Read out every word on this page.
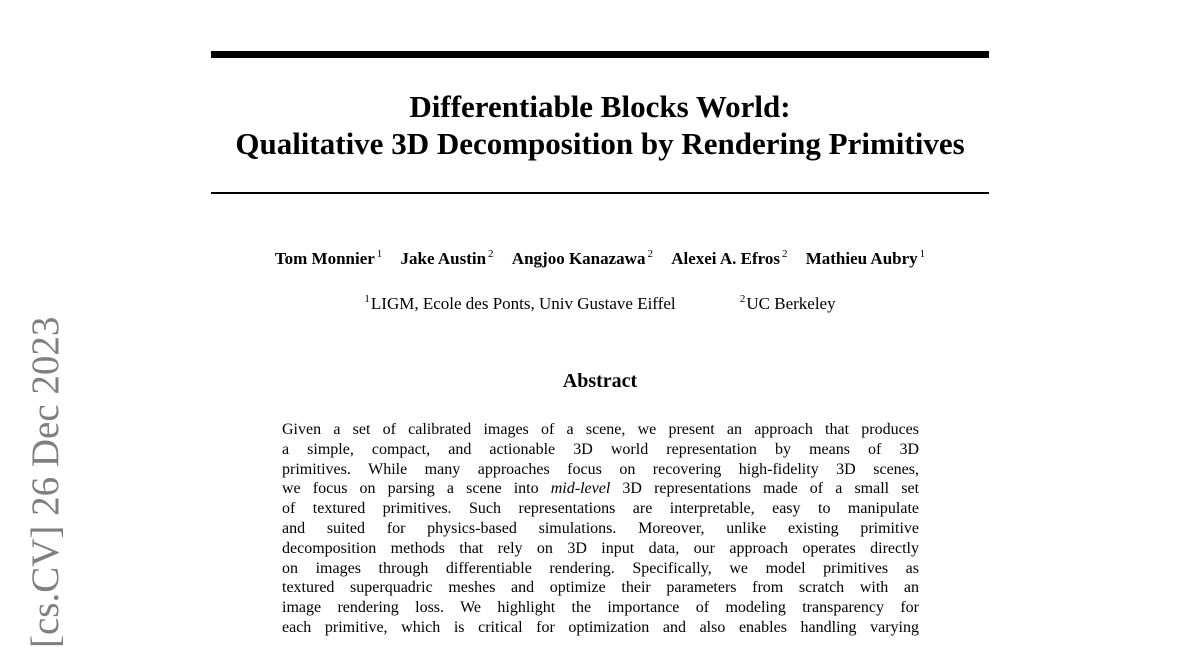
[cs.CV] 26 Dec 2023
Differentiable Blocks World:
Qualitative 3D Decomposition by Rendering Primitives
Tom Monnier $^1$ Jake Austin $^2$ Angjoo Kanazawa $^2$ Alexei A. Efros $^2$ Mathieu Aubry $^1$
$^1$LIGM, Ecole des Ponts, Univ Gustave Eiffel	$^2$UC Berkeley
Abstract
Given a set of calibrated images of a scene, we present an approach that produces
a simple, compact, and actionable 3D world representation by means of 3D
primitives. While many approaches focus on recovering high-fidelity 3D scenes,
we focus on parsing a scene into mid-level 3D representations made of a small set
of textured primitives. Such representations are interpretable, easy to manipulate
and suited for physics-based simulations. Moreover, unlike existing primitive
decomposition methods that rely on 3D input data, our approach operates directly
on images through differentiable rendering. Specifically, we model primitives as
textured superquadric meshes and optimize their parameters from scratch with an
image rendering loss. We highlight the importance of modeling transparency for
each primitive, which is critical for optimization and also enables handling varying
